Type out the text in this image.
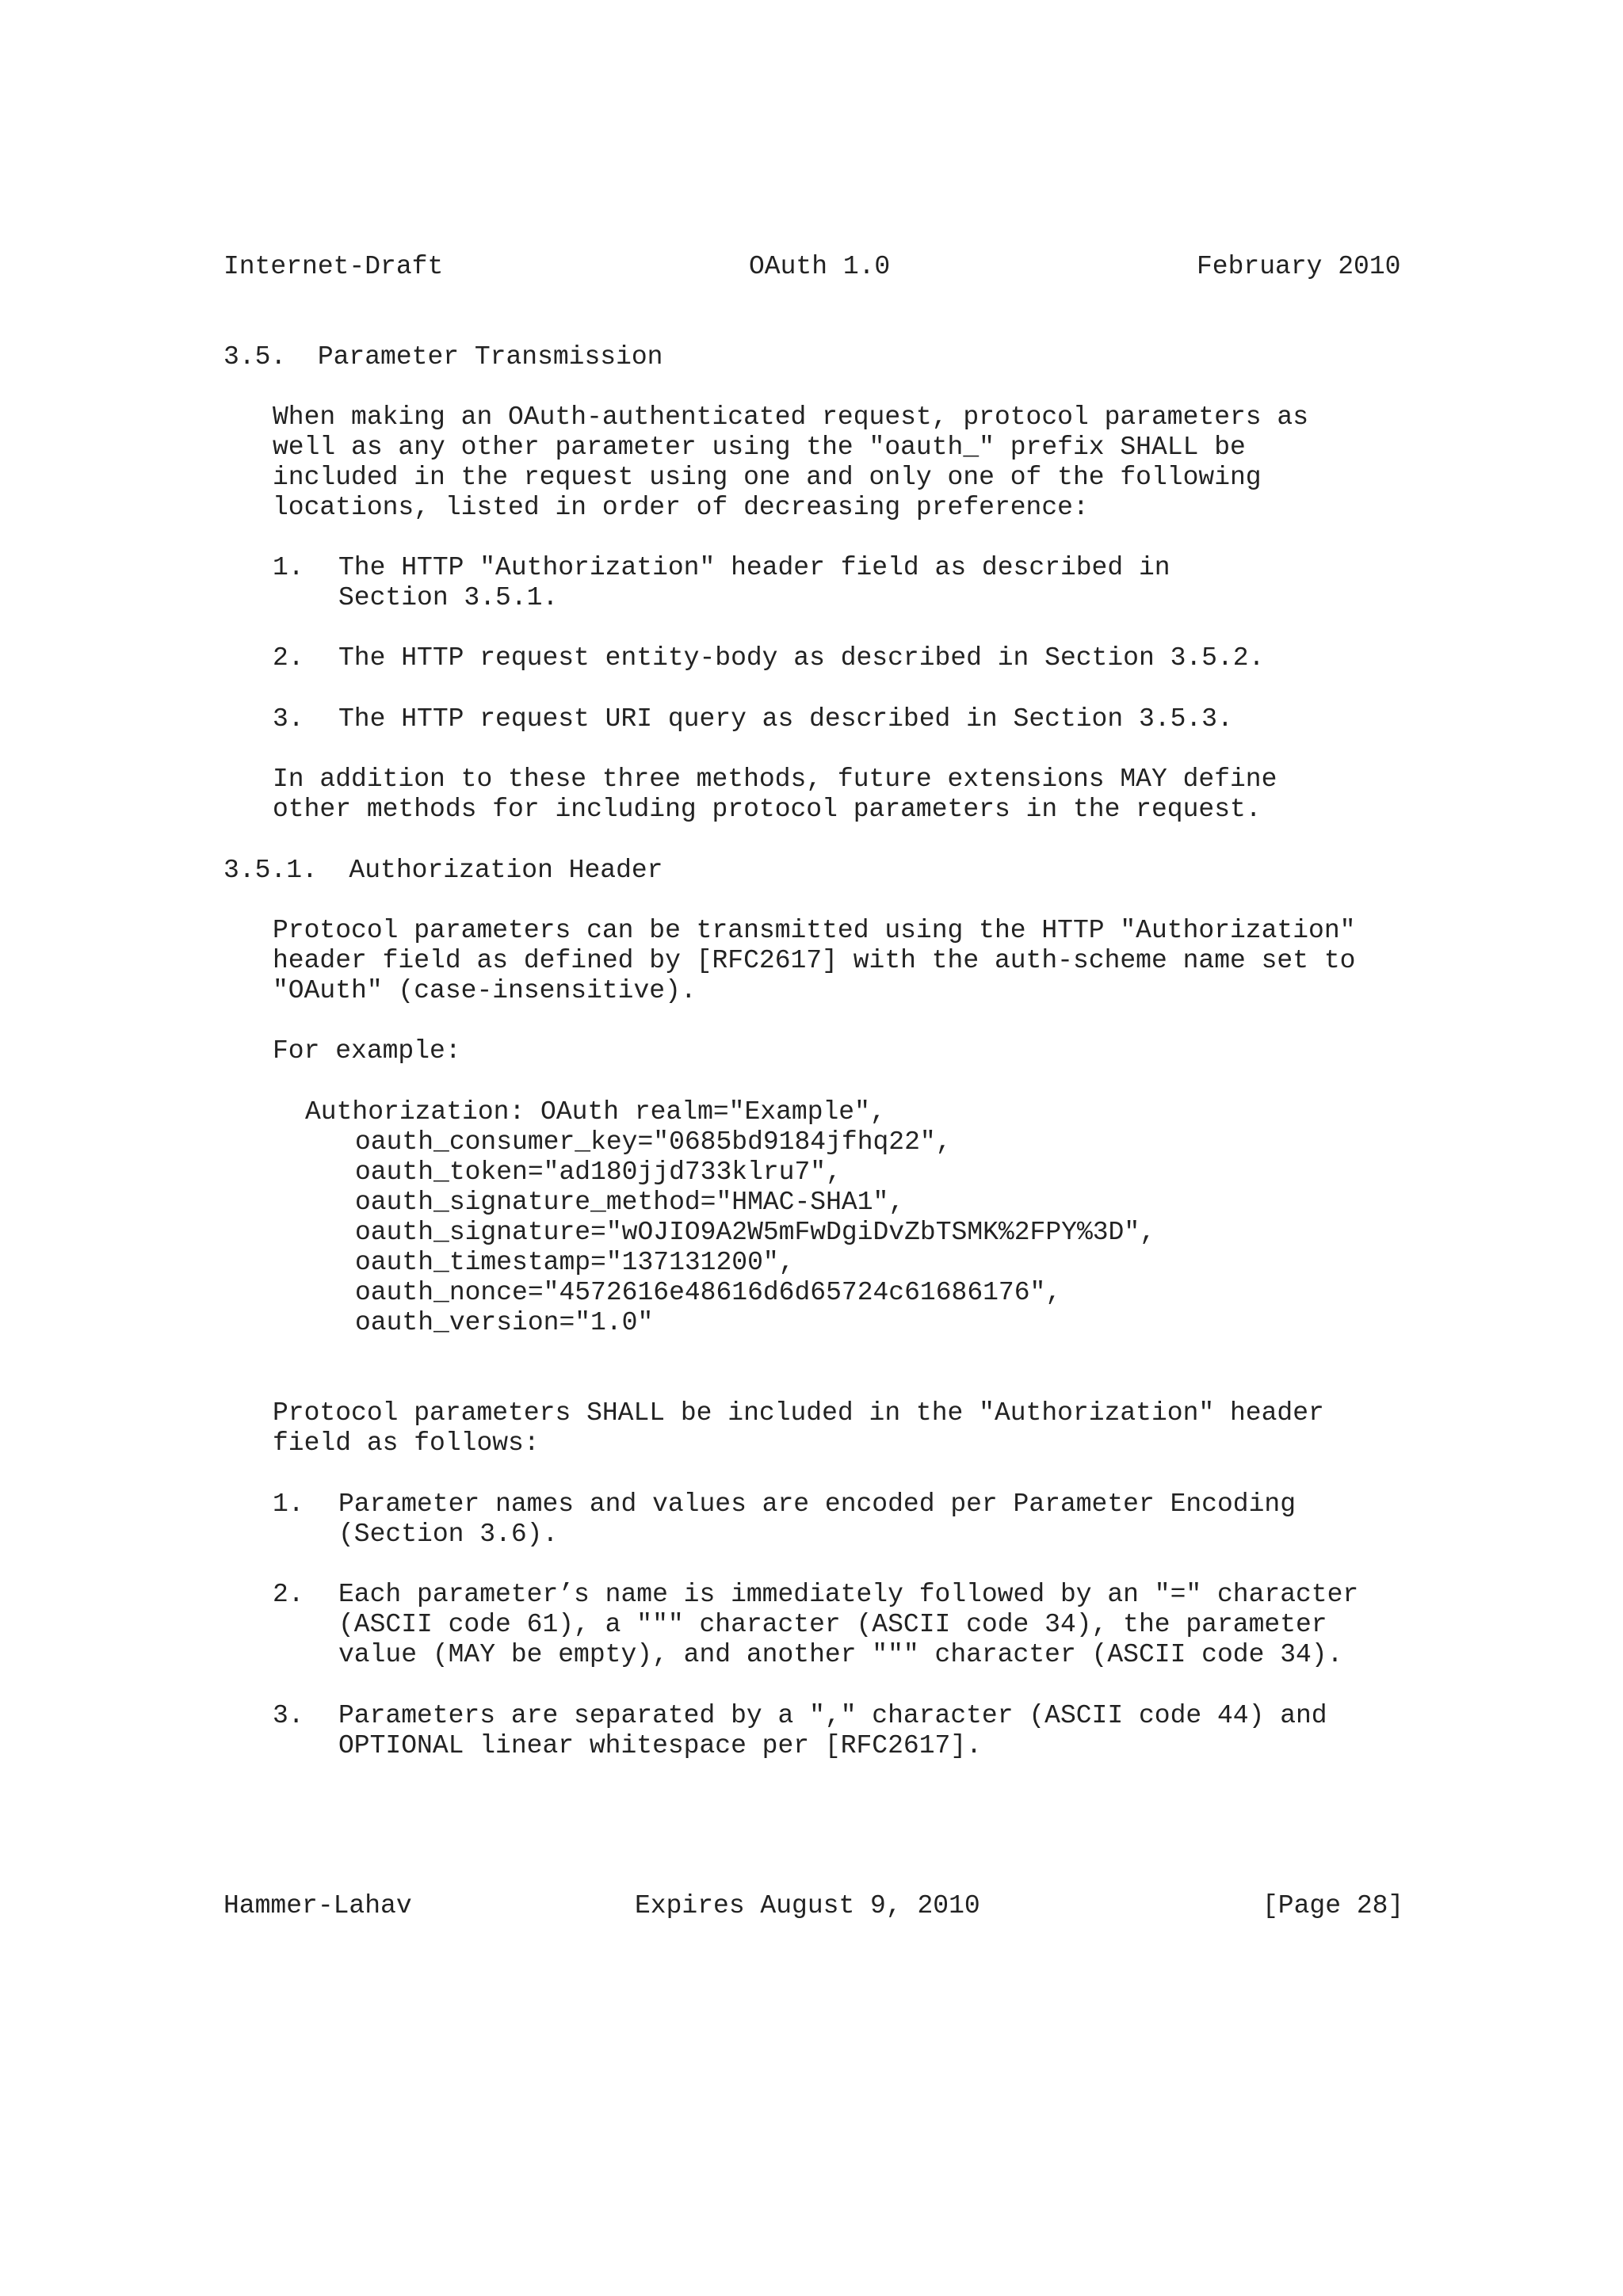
Internet-Draft	OAuth 1.0	February 2010
3.5.  Parameter Transmission
When making an OAuth-authenticated request, protocol parameters as
well as any other parameter using the "oauth_" prefix SHALL be
included in the request using one and only one of the following
locations, listed in order of decreasing preference:
1. The HTTP "Authorization" header field as described in
Section 3.5.1.
2. The HTTP request entity-body as described in Section 3.5.2.
3. The HTTP request URI query as described in Section 3.5.3.
In addition to these three methods, future extensions MAY define
other methods for including protocol parameters in the request.
3.5.1.  Authorization Header
Protocol parameters can be transmitted using the HTTP "Authorization"
header field as defined by [RFC2617] with the auth-scheme name set to
"OAuth" (case-insensitive).
For example:
Authorization: OAuth realm="Example",
oauth_consumer_key="0685bd9184jfhq22",
oauth_token="ad180jjd733klru7",
oauth_signature_method="HMAC-SHA1",
oauth_signature="wOJIO9A2W5mFwDgiDvZbTSMK%2FPY%3D",
oauth_timestamp="137131200",
oauth_nonce="4572616e48616d6d65724c61686176",
oauth_version="1.0"
Protocol parameters SHALL be included in the "Authorization" header
field as follows:
1. Parameter names and values are encoded per Parameter Encoding
(Section 3.6).
2. Each parameter’s name is immediately followed by an "=" character
(ASCII code 61), a """ character (ASCII code 34), the parameter
value (MAY be empty), and another """ character (ASCII code 34).
3. Parameters are separated by a "," character (ASCII code 44) and
OPTIONAL linear whitespace per [RFC2617].
Hammer-Lahav	Expires August 9, 2010	[Page 28]
